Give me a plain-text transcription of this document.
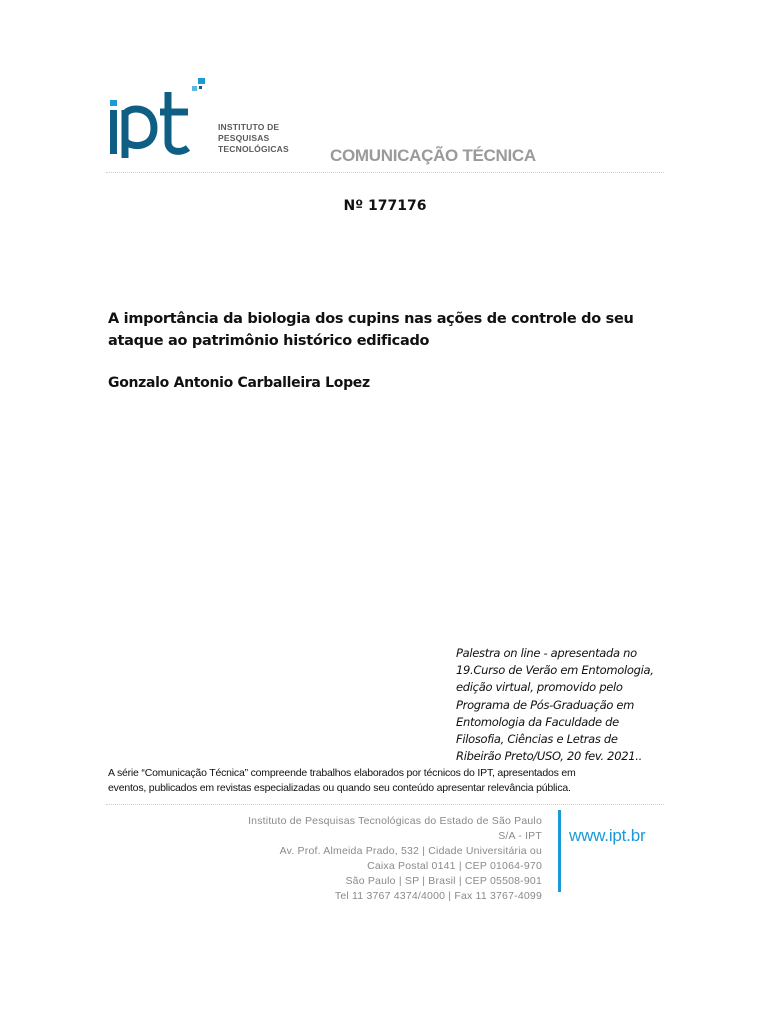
INSTITUTO DE
PESQUISAS
TECNOLÓGICAS COMUNICAÇÃO TÉCNICA
Nº 177176
A importância da biologia dos cupins nas ações de controle do seu ataque ao patrimônio histórico edificado
Gonzalo Antonio Carballeira Lopez
Palestra on line - apresentada no
19.Curso de Verão em Entomologia,
edição virtual, promovido pelo
Programa de Pós-Graduação em
Entomologia da Faculdade de
Filosofia, Ciências e Letras de
Ribeirão Preto/USO, 20 fev. 2021..
A série “Comunicação Técnica” compreende trabalhos elaborados por técnicos do IPT, apresentados em
eventos, publicados em revistas especializadas ou quando seu conteúdo apresentar relevância pública.
Instituto de Pesquisas Tecnológicas do Estado de São Paulo
S/A - IPT
Av. Prof. Almeida Prado, 532 | Cidade Universitária ou
Caixa Postal 0141 | CEP 01064-970
São Paulo | SP | Brasil | CEP 05508-901
Tel 11 3767 4374/4000 | Fax 11 3767-4099
www.ipt.br
